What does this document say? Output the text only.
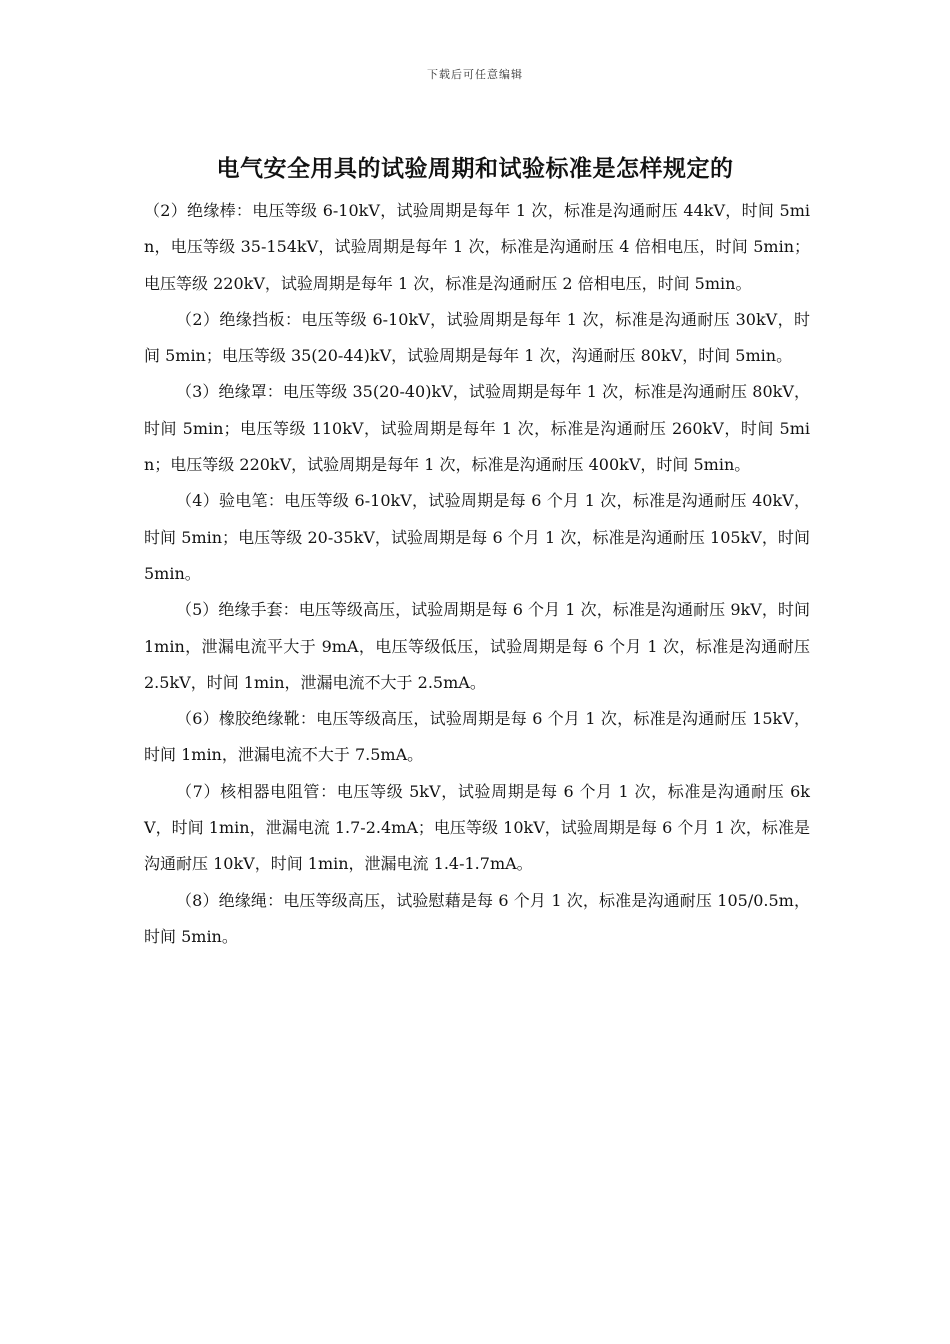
下载后可任意编辑
电气安全用具的试验周期和试验标准是怎样规定的

（2）绝缘棒：电压等级 6-10kV，试验周期是每年 1 次，标准是沟通耐压 44kV，时间 5min，电压等级 35-154kV，试验周期是每年 1 次，标准是沟通耐压 4 倍相电压，时间 5min；电压等级 220kV，试验周期是每年 1 次，标准是沟通耐压 2 倍相电压，时间 5min。

（2）绝缘挡板：电压等级 6-10kV，试验周期是每年 1 次，标准是沟通耐压 30kV，时间 5min；电压等级 35(20-44)kV，试验周期是每年 1 次，沟通耐压 80kV，时间 5min。

（3）绝缘罩：电压等级 35(20-40)kV，试验周期是每年 1 次，标准是沟通耐压 80kV，时间 5min；电压等级 110kV，试验周期是每年 1 次，标准是沟通耐压 260kV，时间 5min；电压等级 220kV，试验周期是每年 1 次，标准是沟通耐压 400kV，时间 5min。

（4）验电笔：电压等级 6-10kV，试验周期是每 6 个月 1 次，标准是沟通耐压 40kV，时间 5min；电压等级 20-35kV，试验周期是每 6 个月 1 次，标准是沟通耐压 105kV，时间 5min。

（5）绝缘手套：电压等级高压，试验周期是每 6 个月 1 次，标准是沟通耐压 9kV，时间 1min，泄漏电流平大于 9mA，电压等级低压，试验周期是每 6 个月 1 次，标准是沟通耐压 2.5kV，时间 1min，泄漏电流不大于 2.5mA。

（6）橡胶绝缘靴：电压等级高压，试验周期是每 6 个月 1 次，标准是沟通耐压 15kV，时间 1min，泄漏电流不大于 7.5mA。

（7）核相器电阻管：电压等级 5kV，试验周期是每 6 个月 1 次，标准是沟通耐压 6kV，时间 1min，泄漏电流 1.7-2.4mA；电压等级 10kV，试验周期是每 6 个月 1 次，标准是沟通耐压 10kV，时间 1min，泄漏电流 1.4-1.7mA。

（8）绝缘绳：电压等级高压，试验慰藉是每 6 个月 1 次，标准是沟通耐压 105/0.5m，时间 5min。
